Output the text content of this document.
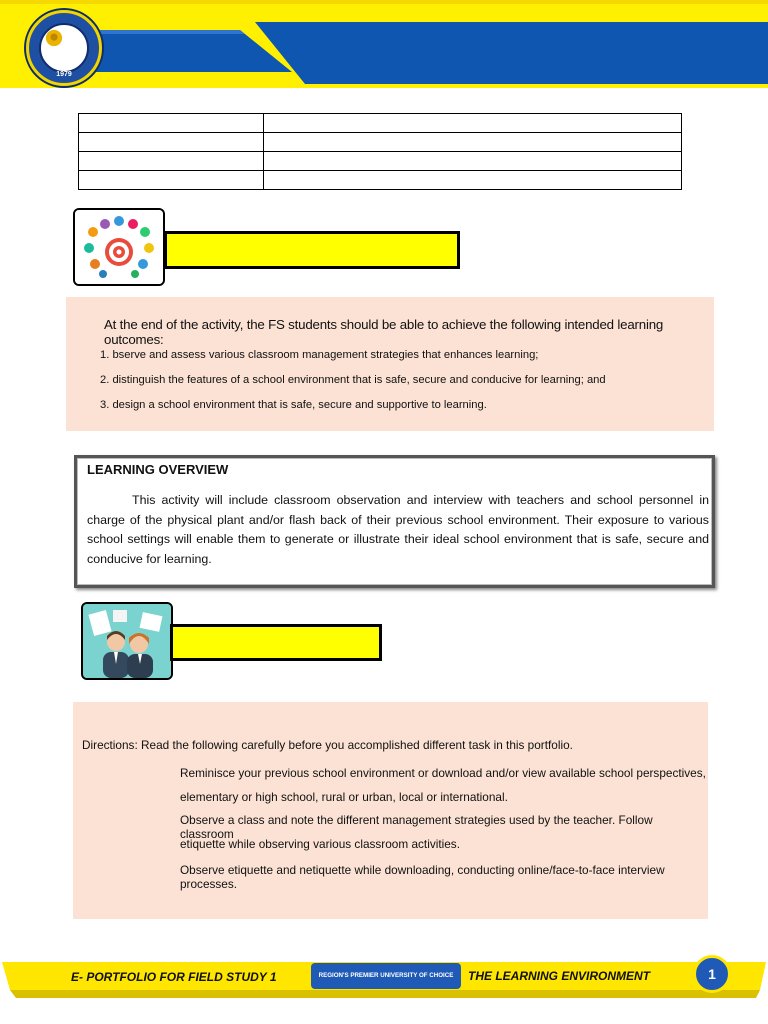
1979

At the end of the activity, the FS students should be able to achieve the following intended learning outcomes:
1. bserve and assess various classroom management strategies that enhances learning;
2. distinguish the features of a school environment that is safe, secure and conducive for learning; and
3. design a school environment that is safe, secure and supportive to learning.
LEARNING OVERVIEW

This activity will include classroom observation and interview with teachers and school personnel in charge of the physical plant and/or flash back of their previous school environment. Their exposure to various school settings will enable them to generate or illustrate their ideal school environment that is safe, secure and conducive for learning.

Directions: Read the following carefully before you accomplished different task in this portfolio.
Reminisce your previous school environment or download and/or view available school perspectives,
elementary or high school, rural or urban, local or international.
Observe a class and note the different management strategies used by the teacher. Follow classroom
etiquette while observing various classroom activities.
Observe etiquette and netiquette while downloading, conducting online/face-to-face interview processes.
E- PORTFOLIO FOR FIELD STUDY 1	REGION'S PREMIER UNIVERSITY OF CHOICE	THE LEARNING ENVIRONMENT	1
